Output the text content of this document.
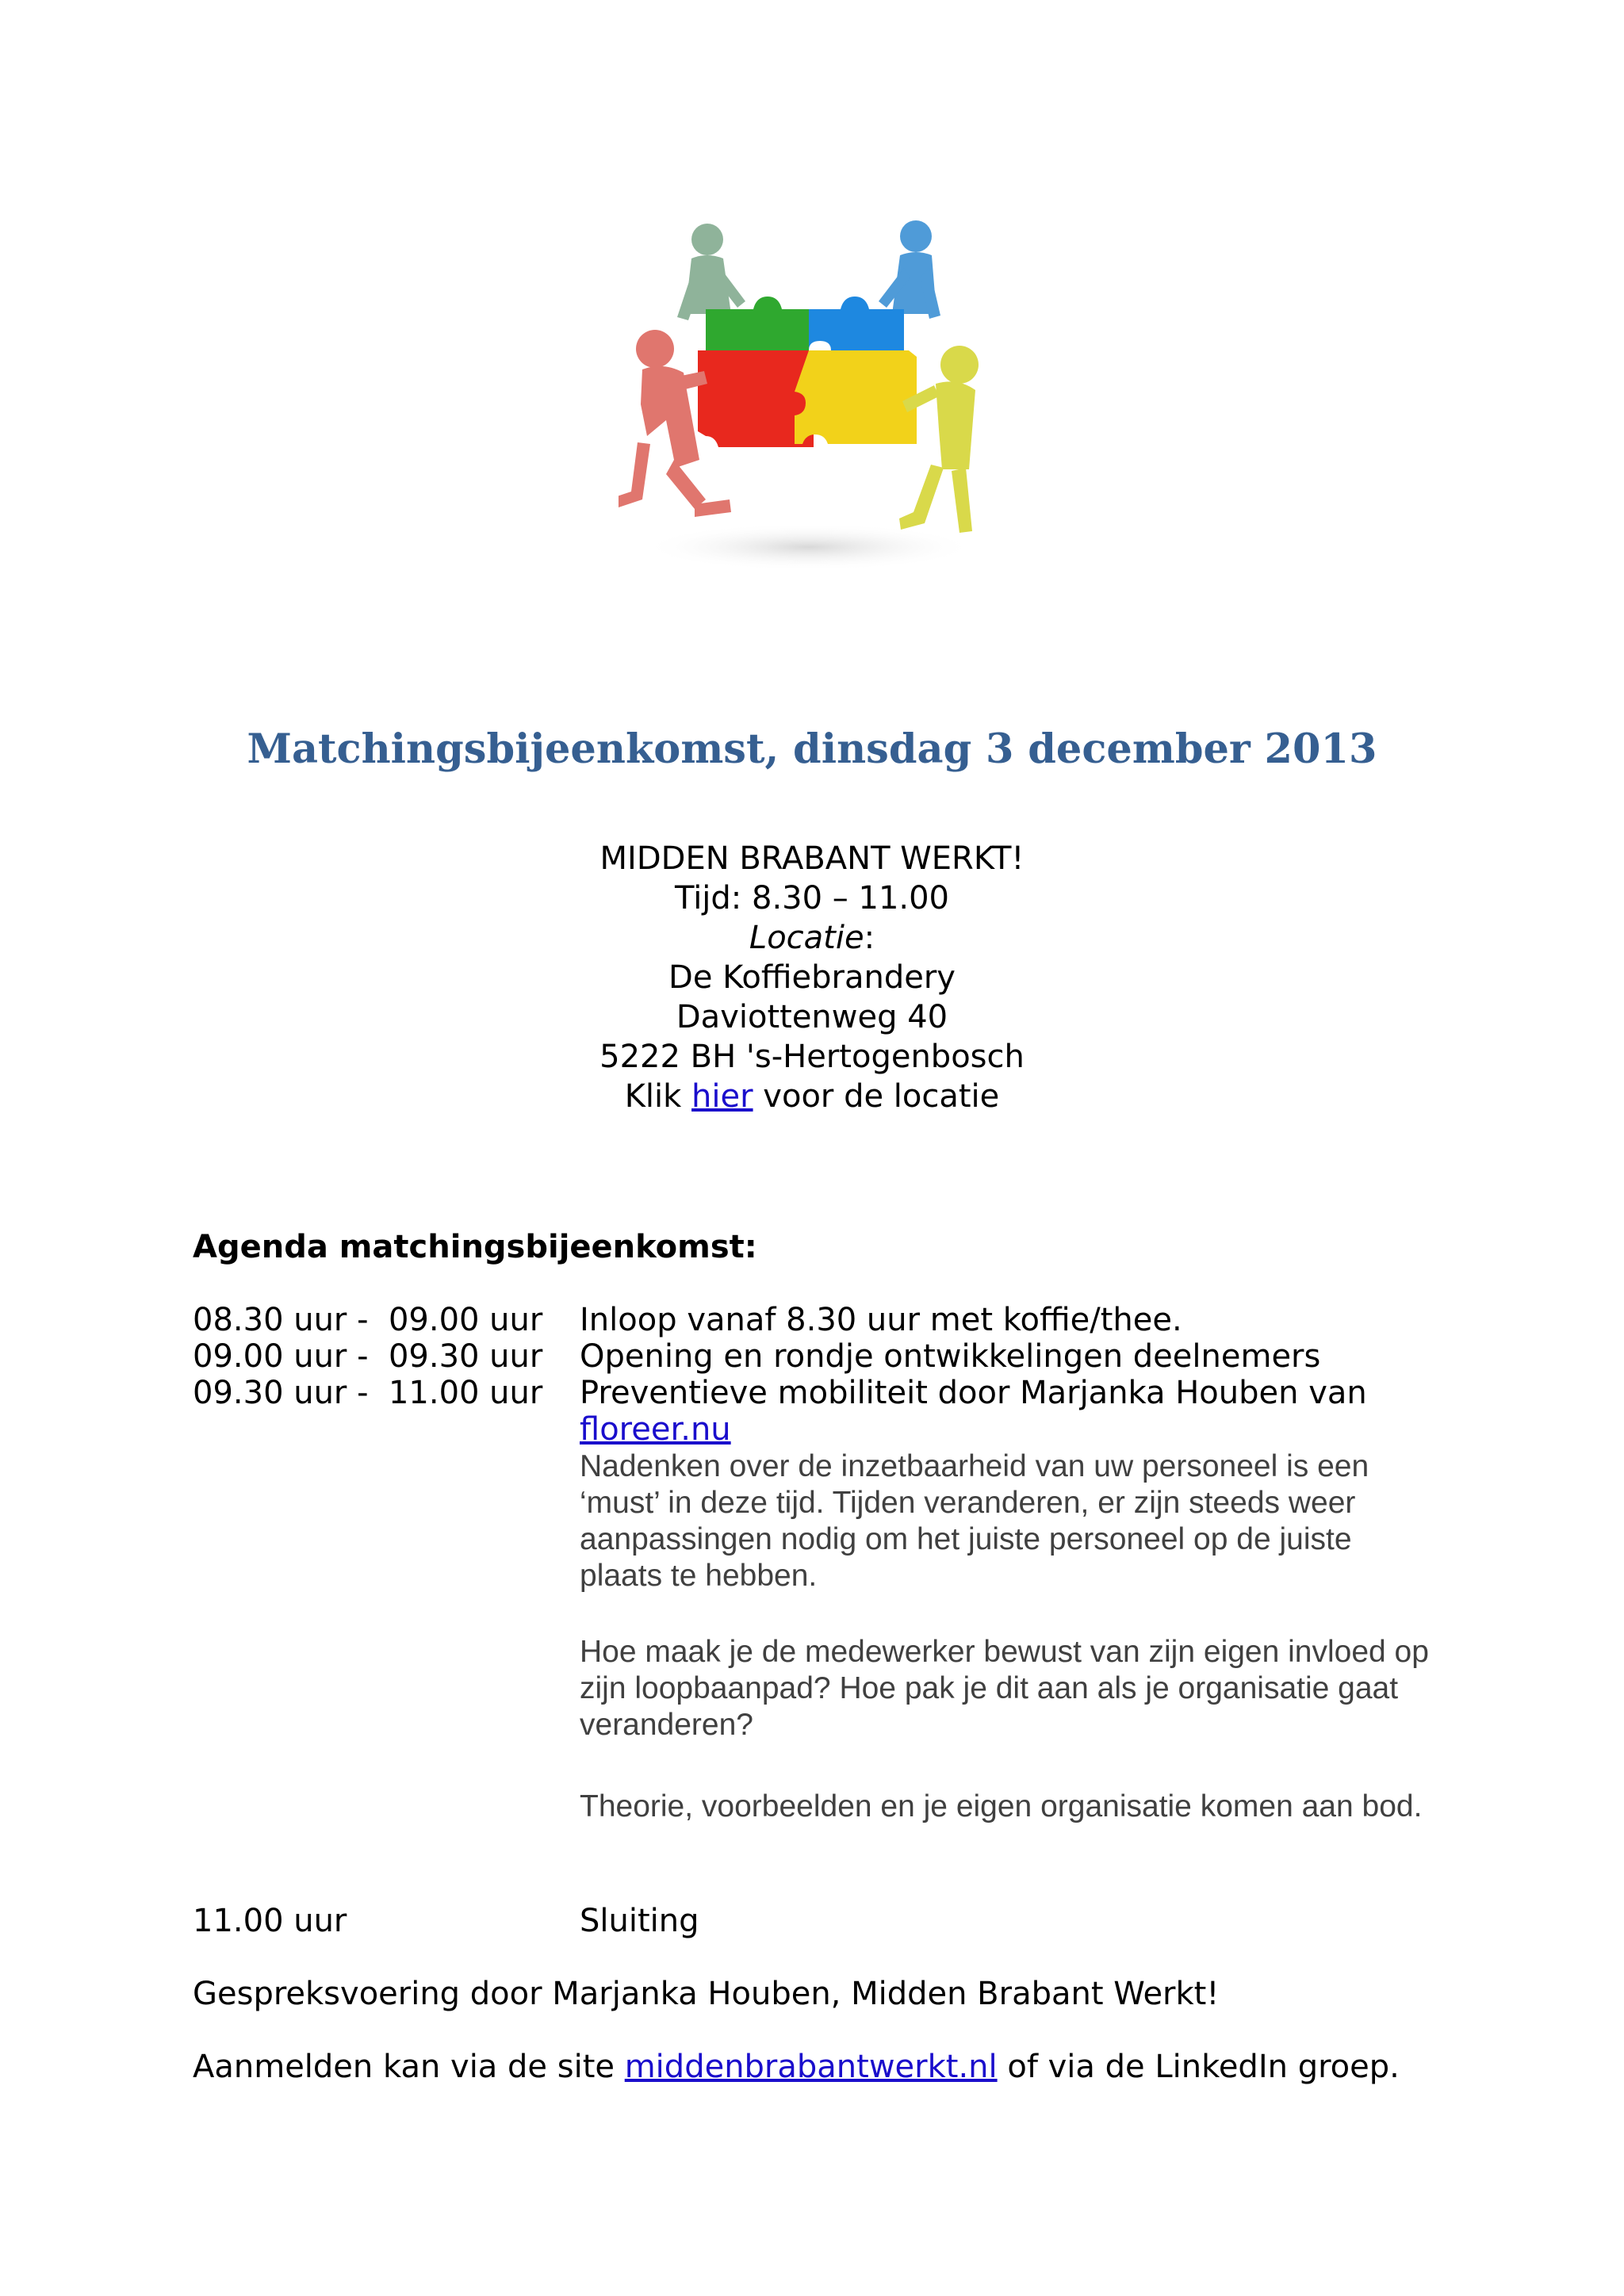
Matchingsbijeenkomst, dinsdag 3 december 2013
MIDDEN BRABANT WERKT!
Tijd: 8.30 – 11.00
Locatie:
De Koffiebrandery
Daviottenweg 40
5222 BH 's-Hertogenbosch
Klik hier voor de locatie
Agenda matchingsbijeenkomst:
08.30 uur -  09.00 uur Inloop vanaf 8.30 uur met koffie/thee.
09.00 uur -  09.30 uur Opening en rondje ontwikkelingen deelnemers
09.30 uur -  11.00 uur Preventieve mobiliteit door Marjanka Houben van
floreer.nu
Nadenken over de inzetbaarheid van uw personeel is een ‘must’ in deze tijd. Tijden veranderen, er zijn steeds weer aanpassingen nodig om het juiste personeel op de juiste plaats te hebben.
Hoe maak je de medewerker bewust van zijn eigen invloed op zijn loopbaanpad? Hoe pak je dit aan als je organisatie gaat veranderen?
Theorie, voorbeelden en je eigen organisatie komen aan bod.
11.00 uur	Sluiting
Gespreksvoering door Marjanka Houben, Midden Brabant Werkt!
Aanmelden kan via de site middenbrabantwerkt.nl of via de LinkedIn groep.
